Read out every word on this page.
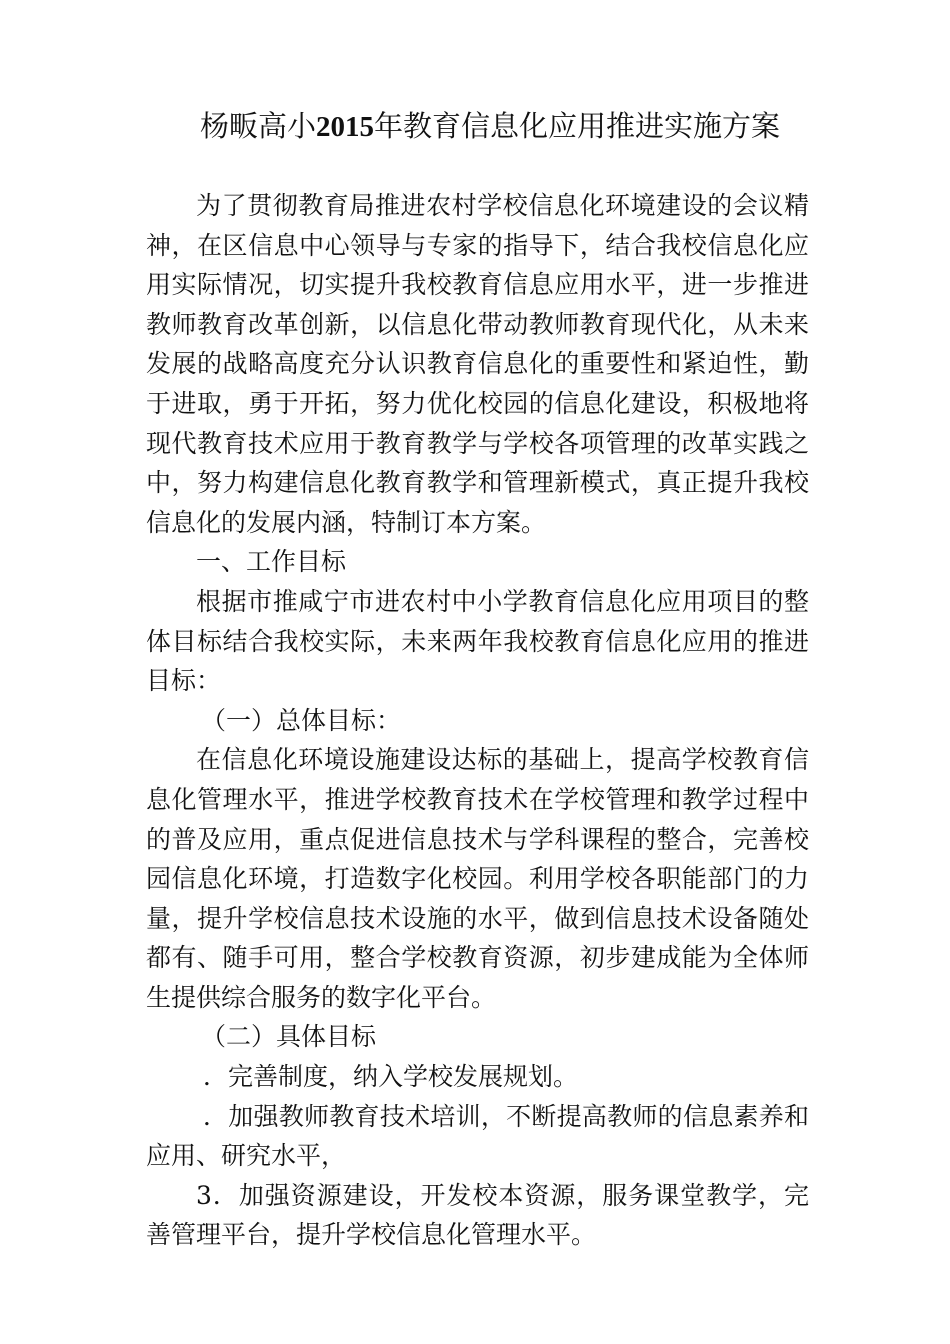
杨畈高小2015年教育信息化应用推进实施方案

为了贯彻教育局推进农村学校信息化环境建设的会议精神，在区信息中心领导与专家的指导下，结合我校信息化应用实际情况，切实提升我校教育信息应用水平，进一步推进教师教育改革创新，以信息化带动教师教育现代化，从未来发展的战略高度充分认识教育信息化的重要性和紧迫性，勤于进取，勇于开拓，努力优化校园的信息化建设，积极地将现代教育技术应用于教育教学与学校各项管理的改革实践之中，努力构建信息化教育教学和管理新模式，真正提升我校信息化的发展内涵，特制订本方案。

一、工作目标

根据市推咸宁市进农村中小学教育信息化应用项目的整体目标结合我校实际，未来两年我校教育信息化应用的推进目标：

（一）总体目标：

在信息化环境设施建设达标的基础上，提高学校教育信息化管理水平，推进学校教育技术在学校管理和教学过程中的普及应用，重点促进信息技术与学科课程的整合，完善校园信息化环境，打造数字化校园。利用学校各职能部门的力量，提升学校信息技术设施的水平，做到信息技术设备随处都有、随手可用，整合学校教育资源，初步建成能为全体师生提供综合服务的数字化平台。

（二）具体目标

．完善制度，纳入学校发展规划。

．加强教师教育技术培训，不断提高教师的信息素养和应用、研究水平，

3．加强资源建设，开发校本资源，服务课堂教学，完善管理平台，提升学校信息化管理水平。
